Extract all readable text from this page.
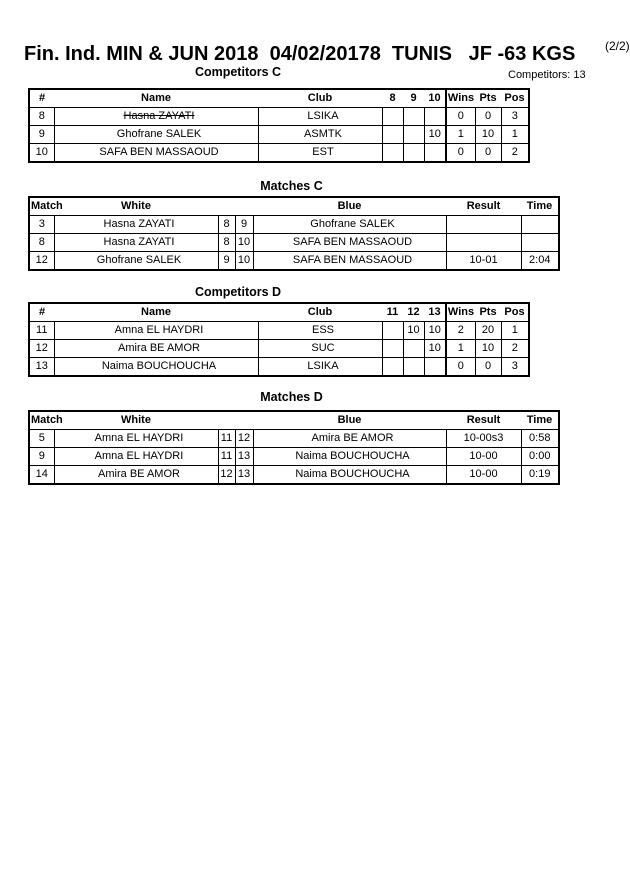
Fin. Ind. MIN & JUN 2018  04/02/20178  TUNIS   JF -63 KGS (2/2)
Competitors: 13
Competitors C
#	Name	Club	8	9	10	Wins	Pts	Pos
8	Hasna ZAYATI	LSIKA				0	0	3
9	Ghofrane SALEK	ASMTK			10	1	10	1
10	SAFA BEN MASSAOUD	EST				0	0	2
Matches C
Match	White			Blue	Result	Time
3	Hasna ZAYATI	8	9	Ghofrane SALEK		
8	Hasna ZAYATI	8	10	SAFA BEN MASSAOUD		
12	Ghofrane SALEK	9	10	SAFA BEN MASSAOUD	10-01	2:04
Competitors D
#	Name	Club	11	12	13	Wins	Pts	Pos
11	Amna EL HAYDRI	ESS		10	10	2	20	1
12	Amira BE AMOR	SUC			10	1	10	2
13	Naima BOUCHOUCHA	LSIKA				0	0	3
Matches D
Match	White			Blue	Result	Time
5	Amna EL HAYDRI	11	12	Amira BE AMOR	10-00s3	0:58
9	Amna EL HAYDRI	11	13	Naima BOUCHOUCHA	10-00	0:00
14	Amira BE AMOR	12	13	Naima BOUCHOUCHA	10-00	0:19
